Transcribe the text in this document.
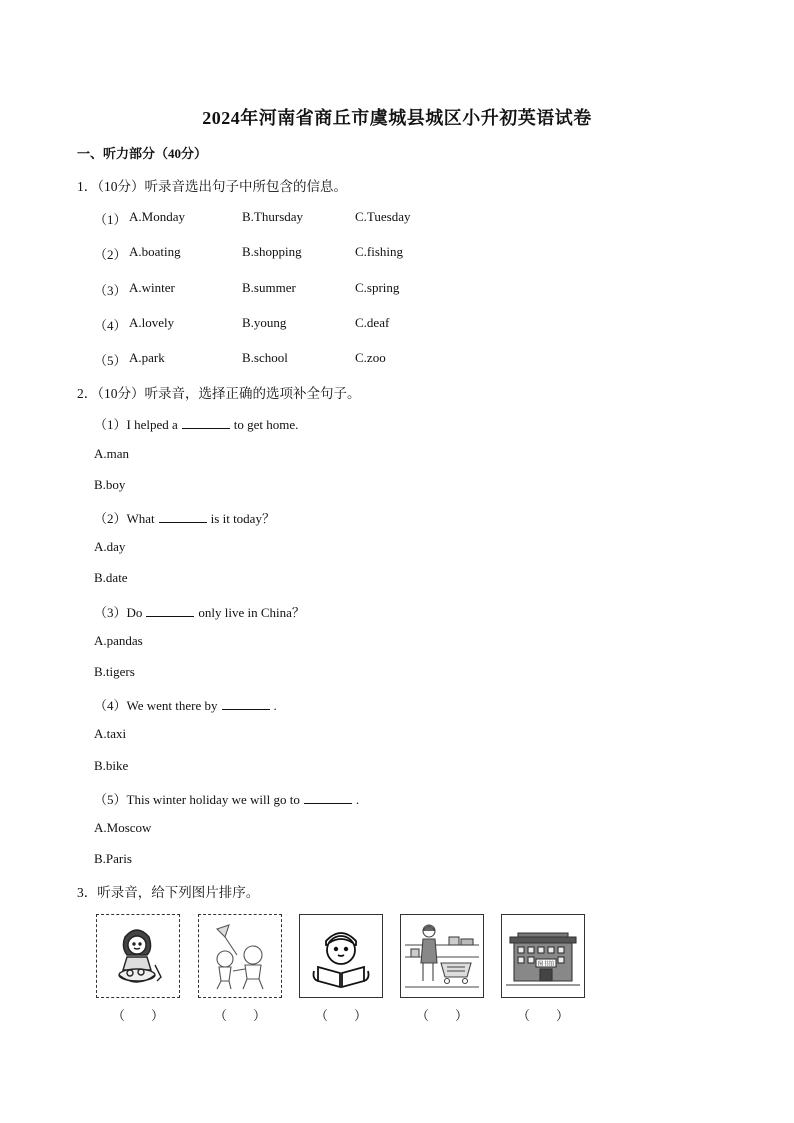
2024年河南省商丘市虞城县城区小升初英语试卷
一、听力部分（40分）
1．（10分）听录音选出句子中所包含的信息。
（1） A.Monday	B.Thursday	C.Tuesday
（2） A.boating	B.shopping	C.fishing
（3） A.winter	B.summer	C.spring
（4） A.lovely	B.young	C.deaf
（5） A.park	B.school	C.zoo
2．（10分）听录音，选择正确的选项补全句子。
（1）I helped a	to get home.
A.man
B.boy
（2）What	is it today？
A.day
B.date
（3）Do	only live in China？
A.pandas
B.tigers
（4）We went there by	.
A.taxi
B.bike
（5）This winter holiday we will go to	.
A.Moscow
B.Paris
3．听录音，给下列图片排序。
图书馆
（　　）	（　　）	（　　）	（　　）	（　　）
